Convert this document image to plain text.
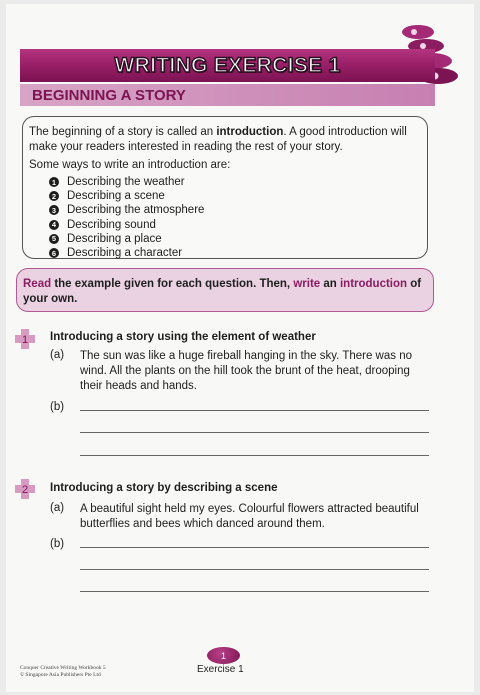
WRITING EXERCISE 1
BEGINNING A STORY
The beginning of a story is called an introduction. A good introduction will make your readers interested in reading the rest of your story.
Some ways to write an introduction are:
1 Describing the weather
2 Describing a scene
3 Describing the atmosphere
4 Describing sound
5 Describing a place
6 Describing a character
Read the example given for each question. Then, write an introduction of your own.
1 Introducing a story using the element of weather
(a) The sun was like a huge fireball hanging in the sky. There was no wind. All the plants on the hill took the brunt of the heat, drooping their heads and hands.
(b)
2 Introducing a story by describing a scene
(a) A beautiful sight held my eyes. Colourful flowers attracted beautiful butterflies and bees which danced around them.
(b)
Conquer Creative Writing Workbook 5
© Singapore Asia Publishers Pte Ltd
1
Exercise 1
